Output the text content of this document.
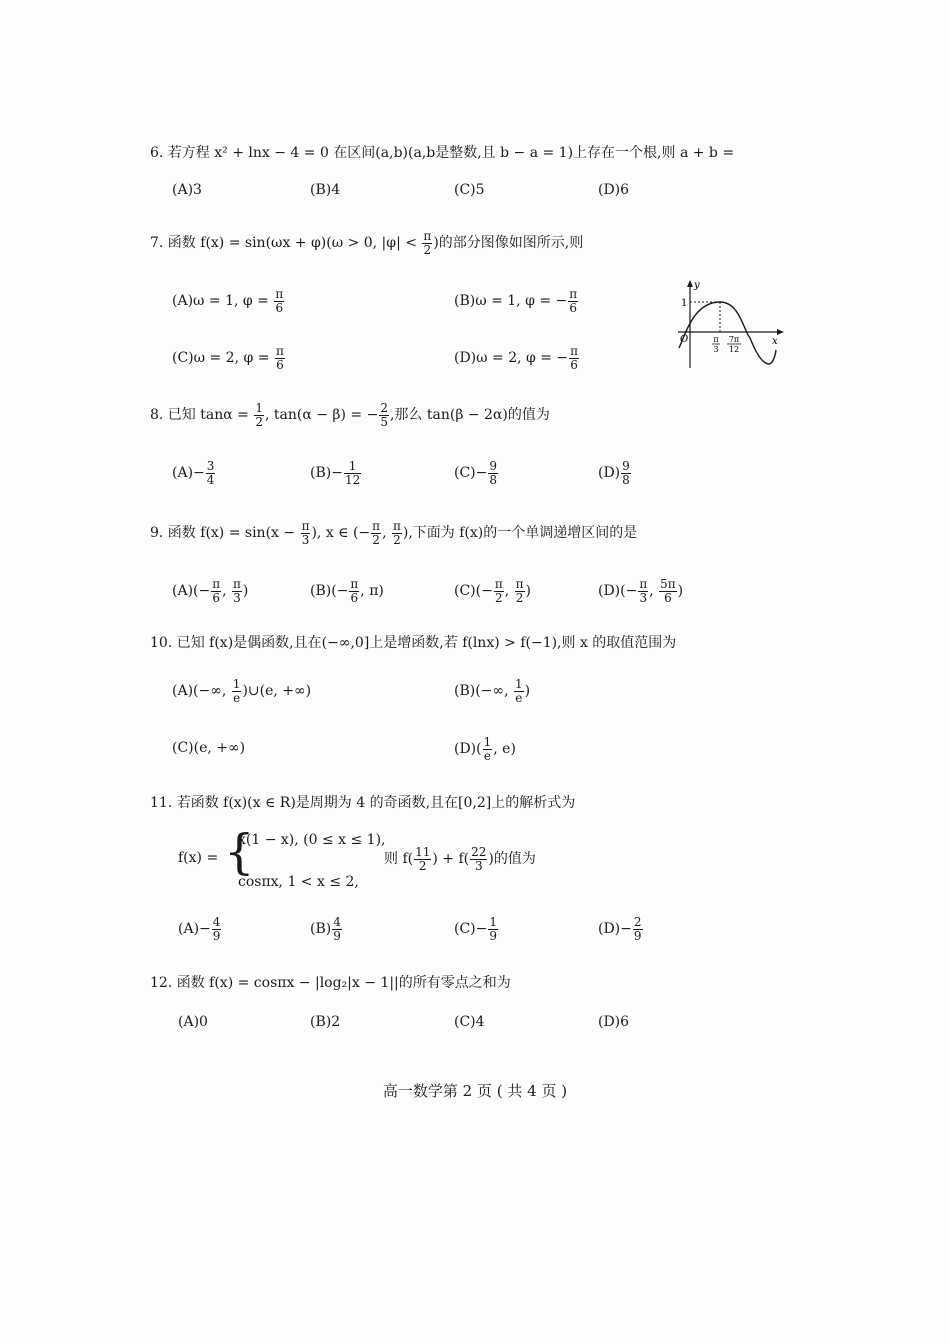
6. 若方程 x² + lnx − 4 = 0 在区间(a,b)(a,b是整数,且 b − a = 1)上存在一个根,则 a + b =
(A)3	(B)4	(C)5	(D)6
7. 函数 f(x) = sin(ωx + φ)(ω > 0, $|\varphi| < \frac{\pi}{2}$ )的部分图像如图所示,则
(A)ω = 1, $\varphi = \frac{\pi}{6}$	(B)ω = 1, φ = − $\frac{\pi}{6}$
(C)ω = 2, $\varphi = \frac{\pi}{6}$	(D)ω = 2, φ = − $\frac{\pi}{6}$
y
x
O
1
π
3
7π
12
8. 已知 $\tan\alpha = \frac{1}{2}$ , tan(α − β) = − $\frac{2}{5}$ ,那么 tan(β − 2α)的值为
$(A)- \frac{3}{4}$	$(B)- \frac{1}{12}$	$(C)- \frac{9}{8}$	$(D) \frac{9}{8}$
9. 函数 $f(x) = \sin(x - \frac{\pi}{3}$ ), x ∈ (− $\frac{\pi}{2}$ , $\frac{\pi}{2}$ ),下面为 f(x)的一个单调递增区间的是
$(A)(- \frac{\pi}{6}$ , $\frac{\pi}{3}$ )	$(B)(- \frac{\pi}{6}$ , π)	$(C)(- \frac{\pi}{2}$ , $\frac{\pi}{2}$ )	$(D)(- \frac{\pi}{3}$ , $\frac{5\pi}{6}$ )
10. 已知 f(x)是偶函数,且在(−∞,0]上是增函数,若 f(lnx) > f(−1),则 x 的取值范围为
(A)(−∞, $\frac{1}{e}$ )∪(e, +∞)	(B)(−∞, $\frac{1}{e}$ )
(C)(e, +∞)	$(D)( \frac{1}{e}$ , e)
11. 若函数 f(x)(x ∈ R)是周期为 4 的奇函数,且在[0,2]上的解析式为
f(x) = {
x(1 − x), (0 ≤ x ≤ 1),
cosπx, 1 < x ≤ 2,
则 $f( \frac{11}{2}$ ) + $f( \frac{22}{3}$ )的值为
$(A)- \frac{4}{9}$	$(B) \frac{4}{9}$	$(C)- \frac{1}{9}$	$(D)- \frac{2}{9}$
12. 函数 f(x) = cosπx − |log₂|x − 1||的所有零点之和为
(A)0	(B)2	(C)4	(D)6
高一数学第 2 页 ( 共 4 页 )
